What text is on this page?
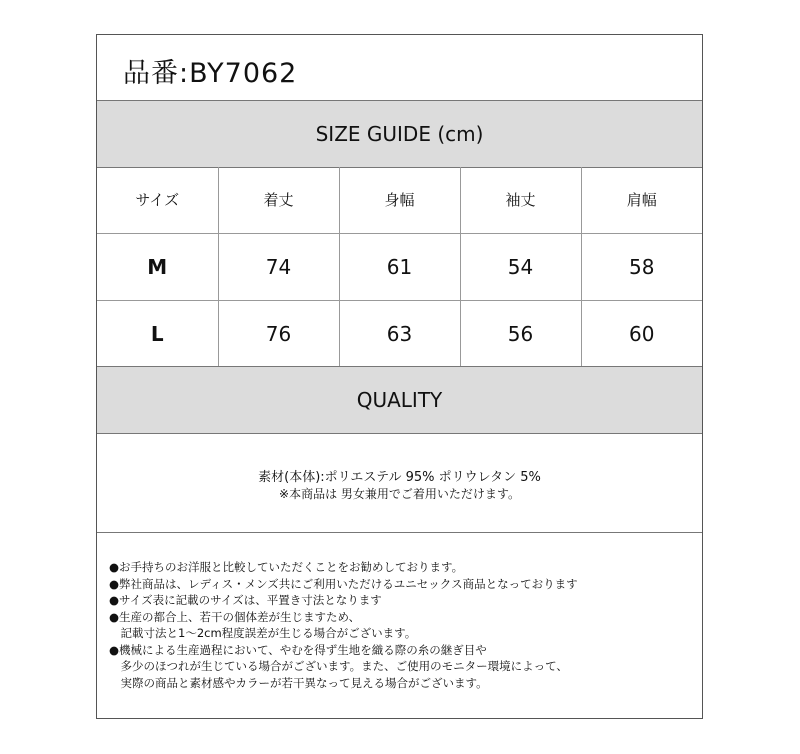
品番:BY7062
SIZE GUIDE (cm)
サイズ	着丈	身幅	袖丈	肩幅
M	74	61	54	58
L	76	63	56	60
QUALITY
素材(本体):ポリエステル 95% ポリウレタン 5%
※本商品は 男女兼用でご着用いただけます。
●お手持ちのお洋服と比較していただくことをお勧めしております。
●弊社商品は、レディス・メンズ共にご利用いただけるユニセックス商品となっております
●サイズ表に記載のサイズは、平置き寸法となります
●生産の都合上、若干の個体差が生じますため、
　記載寸法と1～2cm程度誤差が生じる場合がございます。
●機械による生産過程において、やむを得ず生地を織る際の糸の継ぎ目や
　多少のほつれが生じている場合がございます。また、ご使用のモニター環境によって、
　実際の商品と素材感やカラーが若干異なって見える場合がございます。
